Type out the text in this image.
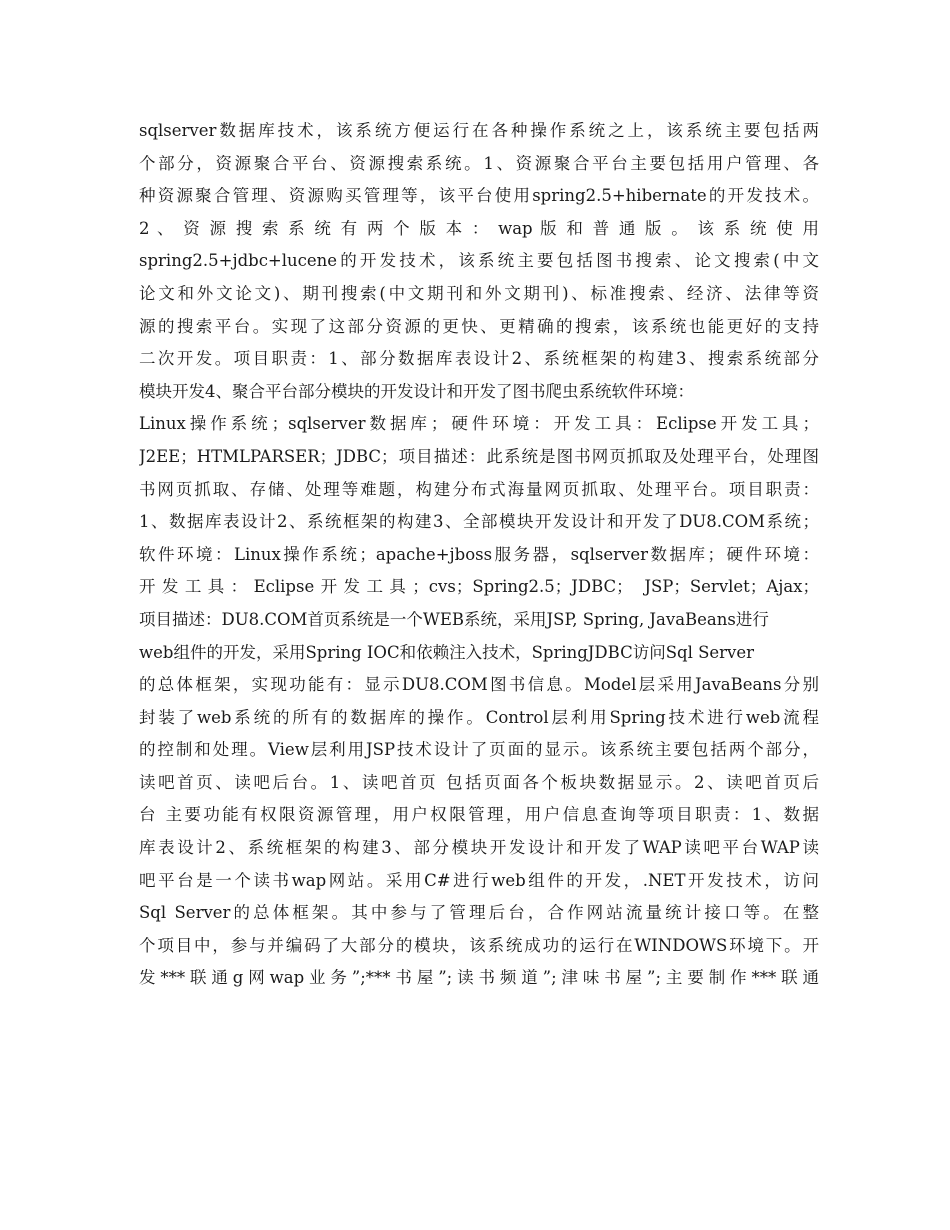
sqlserver数据库技术，该系统方便运行在各种操作系统之上，该系统主要包括两
个部分，资源聚合平台、资源搜索系统。1、资源聚合平台主要包括用户管理、各
种资源聚合管理、资源购买管理等，该平台使用spring2.5+hibernate的开发技术。
2 、 资 源 搜 索 系 统 有 两 个 版 本 ： wap 版 和 普 通 版 。 该 系 统 使 用
spring2.5+jdbc+lucene的开发技术，该系统主要包括图书搜索、论文搜索(中文
论文和外文论文)、期刊搜索(中文期刊和外文期刊)、标准搜索、经济、法律等资
源的搜索平台。实现了这部分资源的更快、更精确的搜索，该系统也能更好的支持
二次开发。项目职责：1、部分数据库表设计2、系统框架的构建3、搜索系统部分
模块开发4、聚合平台部分模块的开发设计和开发了图书爬虫系统软件环境：
Linux操作系统；sqlserver数据库；硬件环境：开发工具：Eclipse开发工具；
J2EE；HTMLPARSER；JDBC；项目描述：此系统是图书网页抓取及处理平台，处理图
书网页抓取、存储、处理等难题，构建分布式海量网页抓取、处理平台。项目职责：
1、数据库表设计2、系统框架的构建3、全部模块开发设计和开发了DU8.COM系统；
软件环境：Linux操作系统；apache+jboss服务器，sqlserver数据库；硬件环境：
开发工具：Eclipse开发工具；cvs；Spring2.5；JDBC； JSP；Servlet；Ajax；
项目描述：DU8.COM首页系统是一个WEB系统，采用JSP, Spring, JavaBeans进行
web组件的开发，采用Spring IOC和依赖注入技术，SpringJDBC访问Sql Server
的总体框架，实现功能有：显示DU8.COM图书信息。Model层采用JavaBeans分别
封装了web系统的所有的数据库的操作。Control层利用Spring技术进行web流程
的控制和处理。View层利用JSP技术设计了页面的显示。该系统主要包括两个部分，
读吧首页、读吧后台。1、读吧首页 包括页面各个板块数据显示。2、读吧首页后
台 主要功能有权限资源管理，用户权限管理，用户信息查询等项目职责：1、数据
库表设计2、系统框架的构建3、部分模块开发设计和开发了WAP读吧平台WAP读
吧平台是一个读书wap网站。采用C#进行web组件的开发，.NET开发技术，访问
Sql Server的总体框架。其中参与了管理后台，合作网站流量统计接口等。在整
个项目中，参与并编码了大部分的模块，该系统成功的运行在WINDOWS环境下。开
发***联通g网wap业务”;***书屋”;读书频道”;津味书屋”;主要制作***联通
